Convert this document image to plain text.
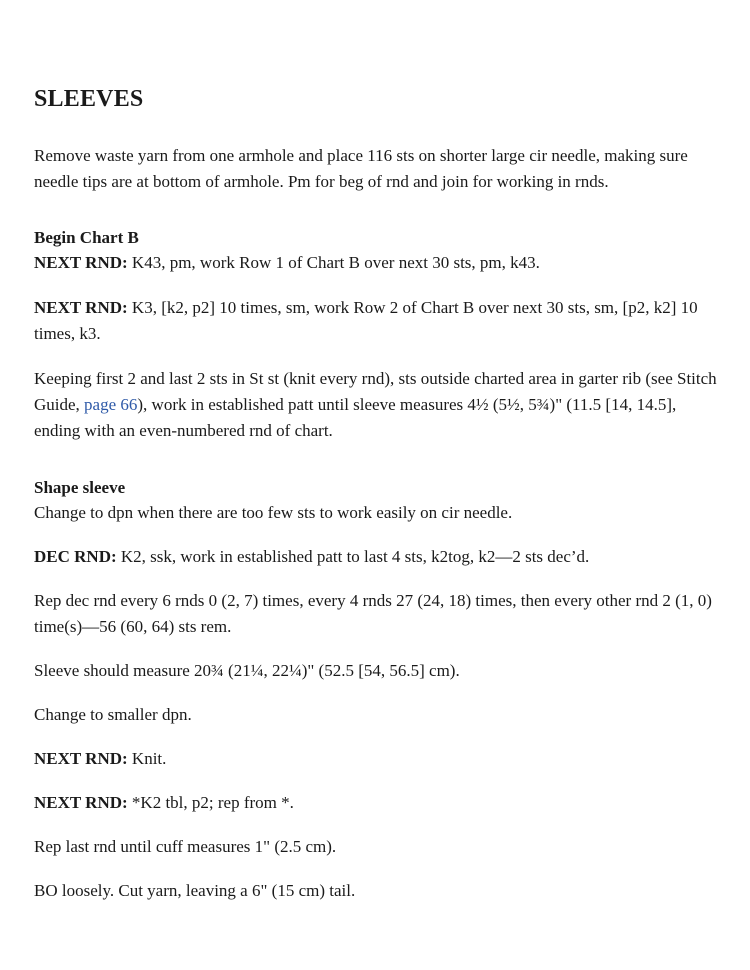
SLEEVES

Remove waste yarn from one armhole and place 116 sts on shorter large cir needle, making sure needle tips are at bottom of armhole. Pm for beg of rnd and join for working in rnds.

Begin Chart B

NEXT RND: K43, pm, work Row 1 of Chart B over next 30 sts, pm, k43.

NEXT RND: K3, [k2, p2] 10 times, sm, work Row 2 of Chart B over next 30 sts, sm, [p2, k2] 10 times, k3.

Keeping first 2 and last 2 sts in St st (knit every rnd), sts outside charted area in garter rib (see Stitch Guide, page 66), work in established patt until sleeve measures 4½ (5½, 5¾)" (11.5 [14, 14.5], ending with an even-numbered rnd of chart.

Shape sleeve

Change to dpn when there are too few sts to work easily on cir needle.

DEC RND: K2, ssk, work in established patt to last 4 sts, k2tog, k2—2 sts dec’d.

Rep dec rnd every 6 rnds 0 (2, 7) times, every 4 rnds 27 (24, 18) times, then every other rnd 2 (1, 0) time(s)—56 (60, 64) sts rem.

Sleeve should measure 20¾ (21¼, 22¼)" (52.5 [54, 56.5] cm).

Change to smaller dpn.

NEXT RND: Knit.

NEXT RND: *K2 tbl, p2; rep from *.

Rep last rnd until cuff measures 1" (2.5 cm).

BO loosely. Cut yarn, leaving a 6" (15 cm) tail.
